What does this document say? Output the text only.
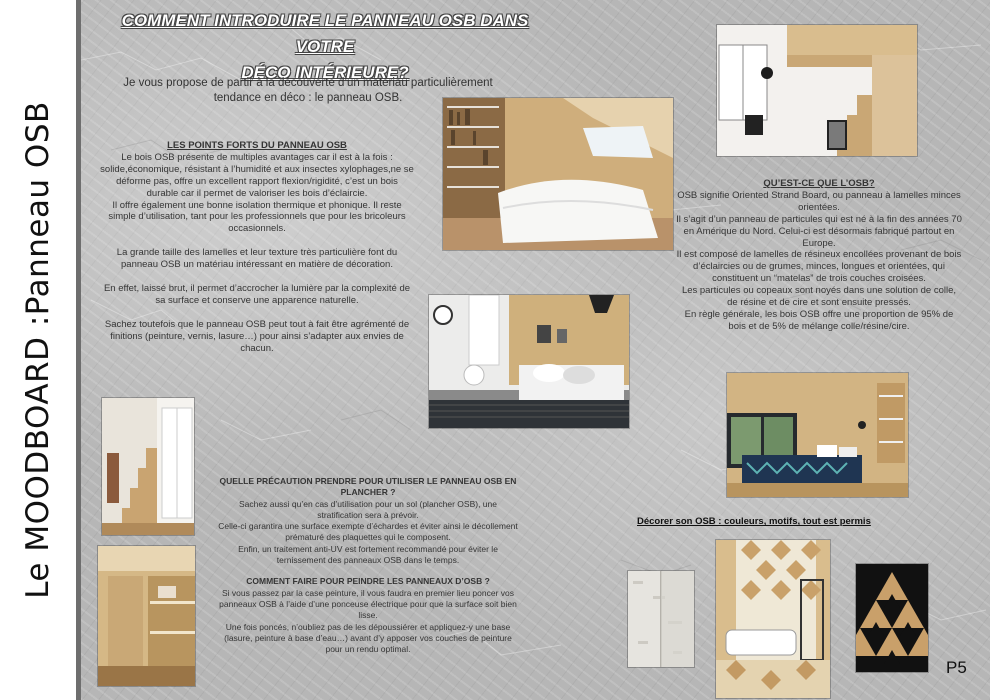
Le MOODBOARD :Panneau OSB
COMMENT INTRODUIRE LE PANNEAU OSB DANS VOTRE
DÉCO INTÉRIEURE?
Je vous propose de partir à la découverte d’un matériau particulièrement
tendance en déco : le panneau OSB.

LES POINTS FORTS DU PANNEAU OSB

Le bois OSB présente de multiples avantages car il est à la fois : solide,économique, résistant à l’humidité et aux insectes xylophages,ne se déforme pas, offre un excellent rapport flexion/rigidité, c’est un bois durable car il permet de valoriser les bois d’éclaircie.

Il offre également une bonne isolation thermique et phonique. Il reste simple d’utilisation, tant pour les professionnels que pour les bricoleurs occasionnels.

La grande taille des lamelles et leur texture très particulière font du panneau OSB un matériau intéressant en matière de décoration.

En effet, laissé brut, il permet d’accrocher la lumière par la complexité de sa surface et conserve une apparence naturelle.

Sachez toutefois que le panneau OSB peut tout à fait être agrémenté de finitions (peinture, vernis, lasure…) pour ainsi s’adapter aux envies de chacun.

QU’EST-CE QUE L’OSB?

OSB signifie Oriented Strand Board, ou panneau à lamelles minces orientées.

Il s’agit d’un panneau de particules qui est né à la fin des années 70 en Amérique du Nord. Celui-ci est désormais fabriqué partout en Europe.

Il est composé de lamelles de résineux encollées provenant de bois d’éclaircies ou de grumes, minces, longues et orientées, qui constituent un “matelas” de trois couches croisées.

Les particules ou copeaux sont noyés dans une solution de colle, de résine et de cire et sont ensuite pressés.

En règle générale, les bois OSB offre une proportion de 95% de bois et de 5% de mélange colle/résine/cire.

QUELLE PRÉCAUTION PRENDRE POUR UTILISER LE PANNEAU OSB EN PLANCHER ?

Sachez aussi qu’en cas d’utilisation pour un sol (plancher OSB), une stratification sera à prévoir.

Celle-ci garantira une surface exempte d’échardes et éviter ainsi le décollement prématuré des plaquettes qui le composent.

Enfin, un traitement anti-UV est fortement recommandé pour éviter le ternissement des panneaux OSB dans le temps.

COMMENT FAIRE POUR PEINDRE LES PANNEAUX D’OSB ?

Si vous passez par la case peinture, il vous faudra en premier lieu poncer vos panneaux OSB à l’aide d’une ponceuse électrique pour que la surface soit bien lisse.

Une fois poncés, n’oubliez pas de les dépoussiérer et appliquez-y une base (lasure, peinture à base d’eau…) avant d’y apposer vos couches de peinture pour un rendu optimal.

Décorer son OSB : couleurs, motifs, tout est permis
P5
